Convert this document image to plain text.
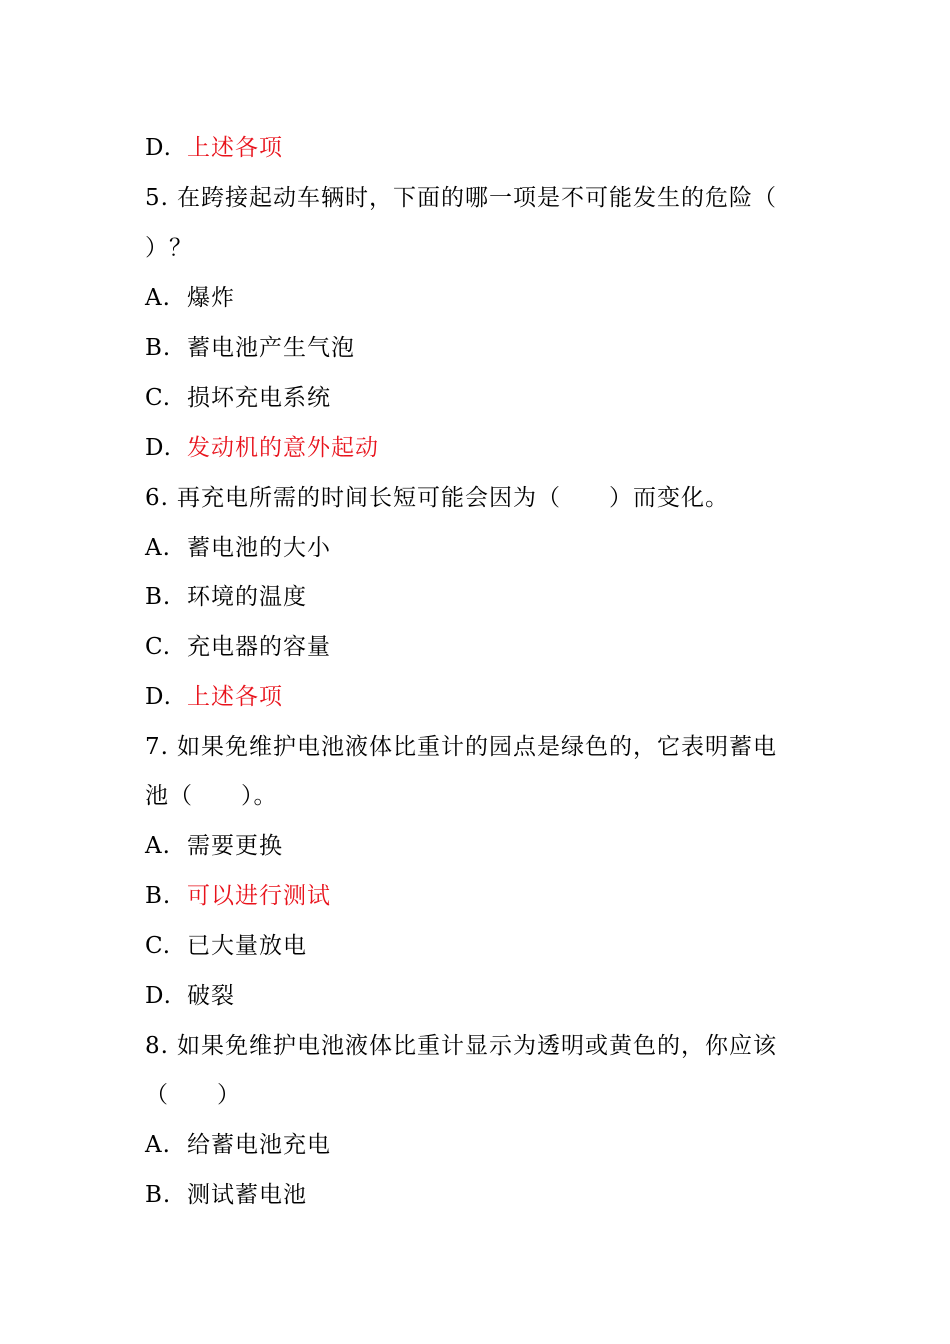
D. 上述各项
5. 在跨接起动车辆时，下面的哪一项是不可能发生的危险（
）？
A. 爆炸
B. 蓄电池产生气泡
C. 损坏充电系统
D. 发动机的意外起动
6. 再充电所需的时间长短可能会因为（　　）而变化。
A. 蓄电池的大小
B. 环境的温度
C. 充电器的容量
D. 上述各项
7. 如果免维护电池液体比重计的园点是绿色的，它表明蓄电
池（　　）。
A. 需要更换
B. 可以进行测试
C. 已大量放电
D. 破裂
8. 如果免维护电池液体比重计显示为透明或黄色的，你应该
（　　）
A. 给蓄电池充电
B. 测试蓄电池
